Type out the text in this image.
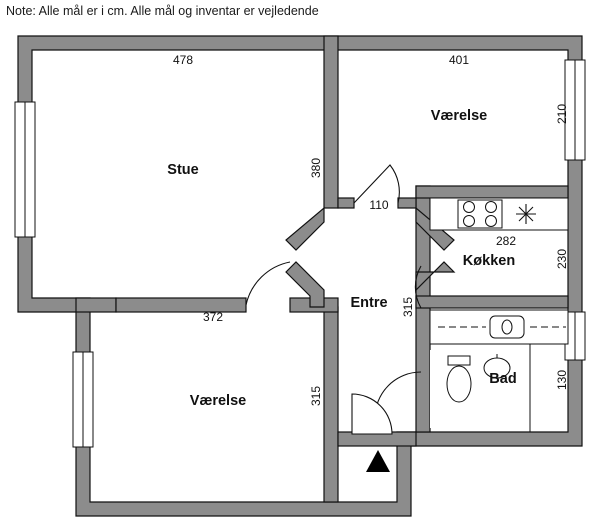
Note: Alle mål er i cm. Alle mål og inventar er vejledende
Stue
Værelse
Køkken
Entre
Bad
Værelse
478	401
210
380
110
282
230
315
372
315
130
